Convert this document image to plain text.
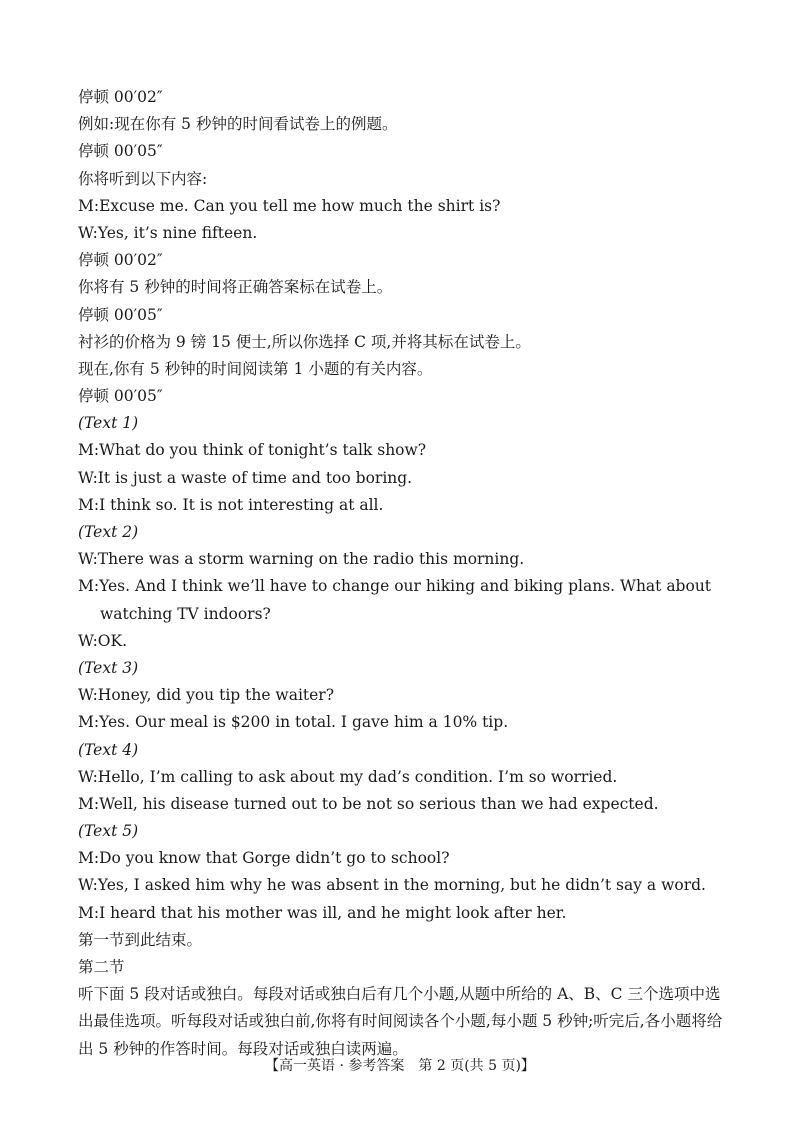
停顿 00′02″
例如:现在你有 5 秒钟的时间看试卷上的例题。
停顿 00′05″
你将听到以下内容:
M:Excuse me. Can you tell me how much the shirt is?
W:Yes, it’s nine fifteen.
停顿 00′02″
你将有 5 秒钟的时间将正确答案标在试卷上。
停顿 00′05″
衬衫的价格为 9 镑 15 便士,所以你选择 C 项,并将其标在试卷上。
现在,你有 5 秒钟的时间阅读第 1 小题的有关内容。
停顿 00′05″
(Text 1)
M:What do you think of tonight’s talk show?
W:It is just a waste of time and too boring.
M:I think so. It is not interesting at all.
(Text 2)
W:There was a storm warning on the radio this morning.
M:Yes. And I think we’ll have to change our hiking and biking plans. What about watching TV indoors?
W:OK.
(Text 3)
W:Honey, did you tip the waiter?
M:Yes. Our meal is $200 in total. I gave him a 10% tip.
(Text 4)
W:Hello, I’m calling to ask about my dad’s condition. I’m so worried.
M:Well, his disease turned out to be not so serious than we had expected.
(Text 5)
M:Do you know that Gorge didn’t go to school?
W:Yes, I asked him why he was absent in the morning, but he didn’t say a word.
M:I heard that his mother was ill, and he might look after her.
第一节到此结束。
第二节
听下面 5 段对话或独白。每段对话或独白后有几个小题,从题中所给的 A、B、C 三个选项中选出最佳选项。听每段对话或独白前,你将有时间阅读各个小题,每小题 5 秒钟;听完后,各小题将给出 5 秒钟的作答时间。每段对话或独白读两遍。
【高一英语 · 参考答案　第 2 页(共 5 页)】
